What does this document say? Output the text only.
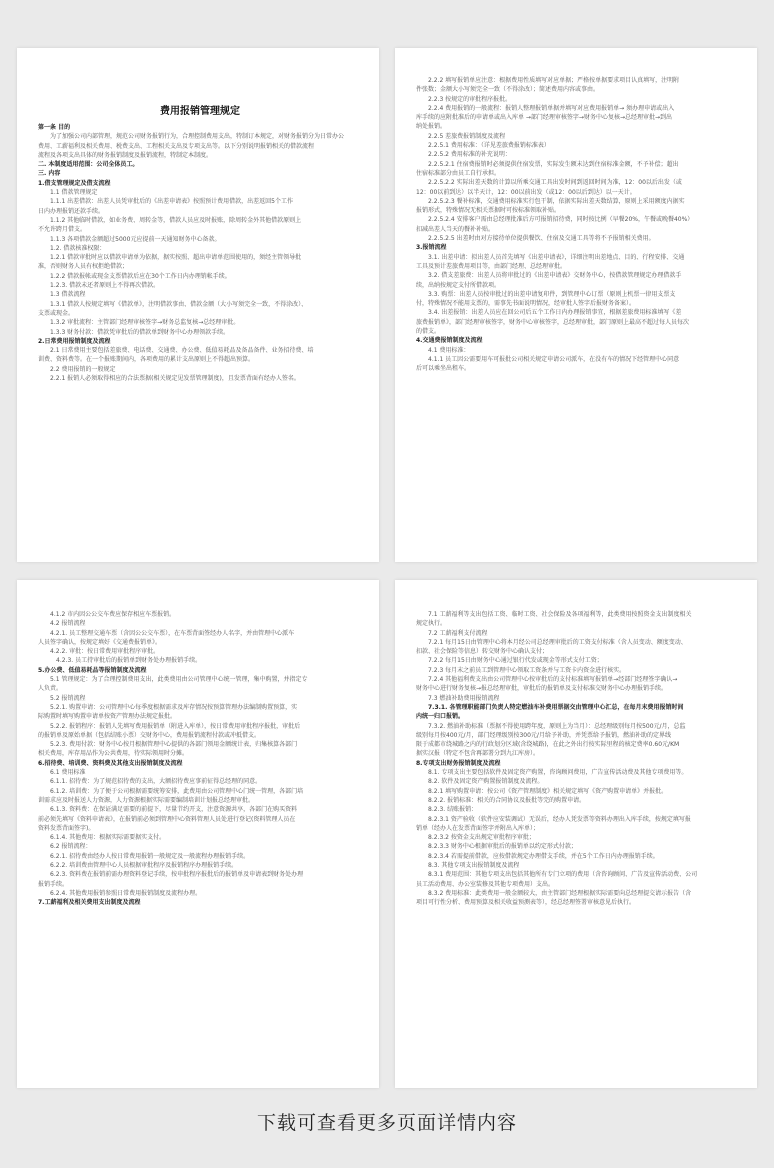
费用报销管理规定
第一条 目的
为了加强公司内部管理，规范公司财务报销行为，合理控制费用支出，特制订本规定，对财务报销分为日常办公
费用、工薪福利及相关费用、税费支出、工程相关支出及专项支出等。以下分别说明报销相关的借款流程
流程及各项支出具体的财务报销制度及报销流程，特制定本制度。
二. 本制度适用范围：公司全体员工。
三. 内容
1.借支管理规定及借支流程
1.1 借款管理规定
1.1.1 出差借款：出差人员凭审批后的《出差申请表》按照预计费用借款，出差返回5个工作
日内办理报销还款手续。
1.1.2 其他临时借款，如业务费、周转金等，借款人员应及时报账，除周转金外其他借款原则上
不允许跨月借支。
1.1.3 各项借款金额超过5000元应提前一天通知财务中心备款。
1.2. 借款核准权限：
1.2.1 借款审批时应以借款申请单为依据，据实按照、超出申请单范围使用的，须经主管领导批
准，否则财务人员有权拒绝借款；
1.2.2 借款报帐或现金支票借款后应在30个工作日内办理销帐手续。
1.2.3. 借款未还者原则上不得再次借款。
1.3 借款流程
1.3.1 借款人按规定填写《借款单》，注明借款事由、借款金额（大小写须完全一致，不得涂改）、
支票或现金。
1.3.2 审批流程：主管部门经理审核签字→财务总监复核→总经理审批。
1.3.3 财务付款：借款凭审批后的借款单到财务中心办理领款手续。
2.日常费用报销制度及流程
2.1 日常费用主要包括差旅费、电话费、交通费、办公费、低值易耗品及备品备件、业务招待费、培
训费、资料费等。在一个报账期间内，各项费用的累计支出原则上不得超出预算。
2.2 费用报销的一般规定
2.2.1 报销人必须取得相应的合法票据(相关规定见发票管理制度)，且发票背面有经办人签名。
2.2.2 填写报销单应注意：根据费用性质填写对应单据；严格按单据要求项目认真填写，注明附
件张数；金额大小写须完全一致（不得涂改）；简述费用内容或事由。
2.2.3 按规定的审批程序报批。
2.2.4 费用报销的一般流程：报销人整理报销单据并填写对应费用报销单→ 须办理申请或出入
库手续的应附批准后的申请单或出入库单 →部门经理审核签字→财务中心复核→总经理审批→到出
纳处报销。
2.2.5 差旅费报销制度及流程
2.2.5.1 费用标准：（详见差旅费报销标准表）
2.2.5.2 费用标准的补充说明：
2.2.5.2.1 住宿费报销时必须提供住宿发票，实际发生额未达到住宿标准金额，不予补偿；超出
住宿标准部分由员工自行承担。
2.2.5.2.2 实际出差天数的计算以所乘交通工具出发时间到返回时间为准，12：00以后出发（或
12：00以前到达）以半天计，12：00以前出发（或12：00以后到达）以一天计。
2.2.5.2.3 餐补标准，交通费用标准实行包干制，依据实际出差天数结算，原则上采用额度内据实
报销形式，特殊情况无相关票据时可按标准领取补贴。
2.2.5.2.4 安排客户需由总经理批准后方可报销招待费，同时按比例（早餐20%，午餐或晚餐40%）
扣减出差人当天的餐补补贴。
2.2.5.2.5 出差时由对方接待单位提供餐饮、住宿及交通工具等将不予报销相关费用。
3.报销流程
3.1. 出差申请：拟出差人员首先填写《出差申请表》，详细注明出差地点、目的、行程安排、交通
工具及预计差旅费用项目等，由部门经理、总经理审批。
3.2. 借支差旅费：出差人员将审批过的《出差申请表》交财务中心，按借款管理规定办理借款手
续，出纳按规定支付所借款项。
3.3. 购票：出差人员按审批过的出差申请复印件，到管理中心订票（原则上机票一律用支票支
付，特殊情况不能用支票的，需事先书面说明情况，经审批人签字后报财务备案）。
3.4. 出差报销：出差人员应在回公司后五个工作日内办理报销事宜，根据差旅费用标准填写《差
旅费报销单》，部门经理审核签字，财务中心审核签字，总经理审批，部门原则上最高不超过每人员每次
的借支。
4.交通费报销制度及流程
4.1 费用标准：
4.1.1 员工因公需要用车可报批公司相关规定申请公司派车，在没有车的情况下经管理中心同意
后可以乘坐出租车。
4.1.2 市内因公公交车费应保存相应车票报销。
4.2 报销流程
4.2.1. 员工整理交通车票（含因公公交车票），在车票背面签经办人名字，并由管理中心派车
人员签字确认，按规定填好《交通费报销单》。
4.2.2. 审批：按日常费用审批程序审批。
4.2.3. 员工持审批后的报销单到财务处办理报销手续。
5.办公费、低值易耗品等报销制度及流程
5.1 管理规定：为了合理控制费用支出，此类费用由公司管理中心统一管理，集中购置，并指定专
人负责。
5.2 报销流程
5.2.1. 购置申请：公司管理中心每季度根据需求及库存情况按预算管理办法编制购置预算，实
际购置时填写购置申请单按资产管理办法规定报批。
5.2.2. 报销程序：报销人先填写费用报销单（附进入库单），按日常费用审批程序报批，审批后
的报销单及原始单据（包括结账小票）交财务中心，费用报销流程付款或冲抵借支。
5.2.3. 费用付款：财务中心按月根据管理中心提供的各部门领用金额统计表，归集核算各部门
相关费用，库存用品作为公共费用，待实际领用时分摊。
6.招待费、培训费、资料费及其他支出报销制度及流程
6.1 费用标准
6.1.1. 招待费：为了规范招待费的支出，大额招待费应事前征得总经理的同意。
6.1.2. 培训费：为了便于公司根据需要统筹安排，此费用由公司管理中心门统一管理，各部门培
训需求应及时报送人力资源，人力资源根据实际需要编制培训计划报总经理审批。
6.1.3. 资料费：在保证满足需要的前提下，尽量节约开支，注意资源共享，各部门在购买资料
前必须先填写《资料申请表》，在报销前必须到管理中心资料管理人员处进行登记(资料管理人员在
资料发票背面签字)。
6.1.4. 其他费用：根据实际需要据实支付。
6.2 报销流程：
6.2.1. 招待费由经办人按日常费用报销一般规定及一般流程办理报销手续。
6.2.2. 培训费由管理中心人员根据审批程序及报销程序办理报销手续。
6.2.3. 资料费在报销前需办理资料登记手续，按申批程序报批后的报销单及申请表到财务处办理
报销手续。
6.2.4. 其他费用报销参照日常费用报销制度及流程办理。
7.工薪福利及相关费用支出制度及流程
7.1 工薪福利等支出包括工资、临时工资、社会保险及各项福利等，此类费用按照资金支出制度相关
规定执行。
7.2 工薪福利支付流程
7.2.1 每月15日由管理中心将本月经公司总经理审批后的工资支付标准（含人员变动、额度变动、
扣款、社会保险等信息）转交财务中心确认支付；
7.2.2 每月15日由财务中心通过银行代发或现金等形式支付工资；
7.2.3 每月末之前员工到管理中心领取工资条并与工资卡内资金进行核实。
7.2.4 其他福利费支出由公司管理中心按审批后的支付标准填写报销单→经部门经理签字确认→
财务中心进行财务复核→报总经理审批，审批后的报销单及支付标准交财务中心办理报销手续。
7.3 燃油补助费用报销流程
7.3.1. 各管理职能部门负责人特定燃油车补费用票据交由管理中心汇总，在每月末费用报销时间
内统一归口报销。
7.3.2. 燃油补助标准（票据不得使用跨年度，原则上为当月）：总经理级别每月按500元/月，总监
级别每月按400元/月，部门经理级别按300元/月给予补助，并凭票给予报销，燃油补助的定界线
限于成都市绕城路之内的行政划分区域(含绕城路)，在此之外出行按实际里程的核定费率0.60元/KM
据实汉报（特定不包含再部署分到九江库房）。
8.专项支出财务报销制度及流程
8.1. 专项支出主要包括软件及固定资产购置，咨询顾问费用，广告宣传活动费及其他专项费用等。
8.2. 软件及固定资产购置报销制度及流程。
8.2.1 填写购置申请：按公司《资产管理制度》相关规定填写《资产购置申请单》并报批。
8.2.2. 报销标准：相关的合同协议及报批等完的购置申请。
8.2.3. 结账报销：
8.2.3.1 资产验收（软件应安装调试）无误后，经办人凭发票等资料办理出入库手续，按规定填写报
销单（经办人在发票背面签字并附出入库单）；
8.2.3.2 按资金支出规定审批程序审批；
8.2.3.3 财务中心根据审批后的报销单以约定形式付款；
8.2.3.4 若需提前借款，应按借款规定办理借支手续，并在5个工作日内办理报销手续。
8.3. 其他专项支出报销制度及流程
8.3.1 费用范围：其他专项支出包括其他所有专门立项的费用（含咨询顾问、广告及宣传活动费、公司
员工活动费用、办公室装修及其他专项费用）支出。
8.3.2 费用标准：此类费用一般金额较大，由主管部门经理根据实际需要向总经理提交请示报告（含
项目可行性分析、费用预算及相关收益预测表等），经总经理签署审核意见后执行。
下载可查看更多页面详情内容
